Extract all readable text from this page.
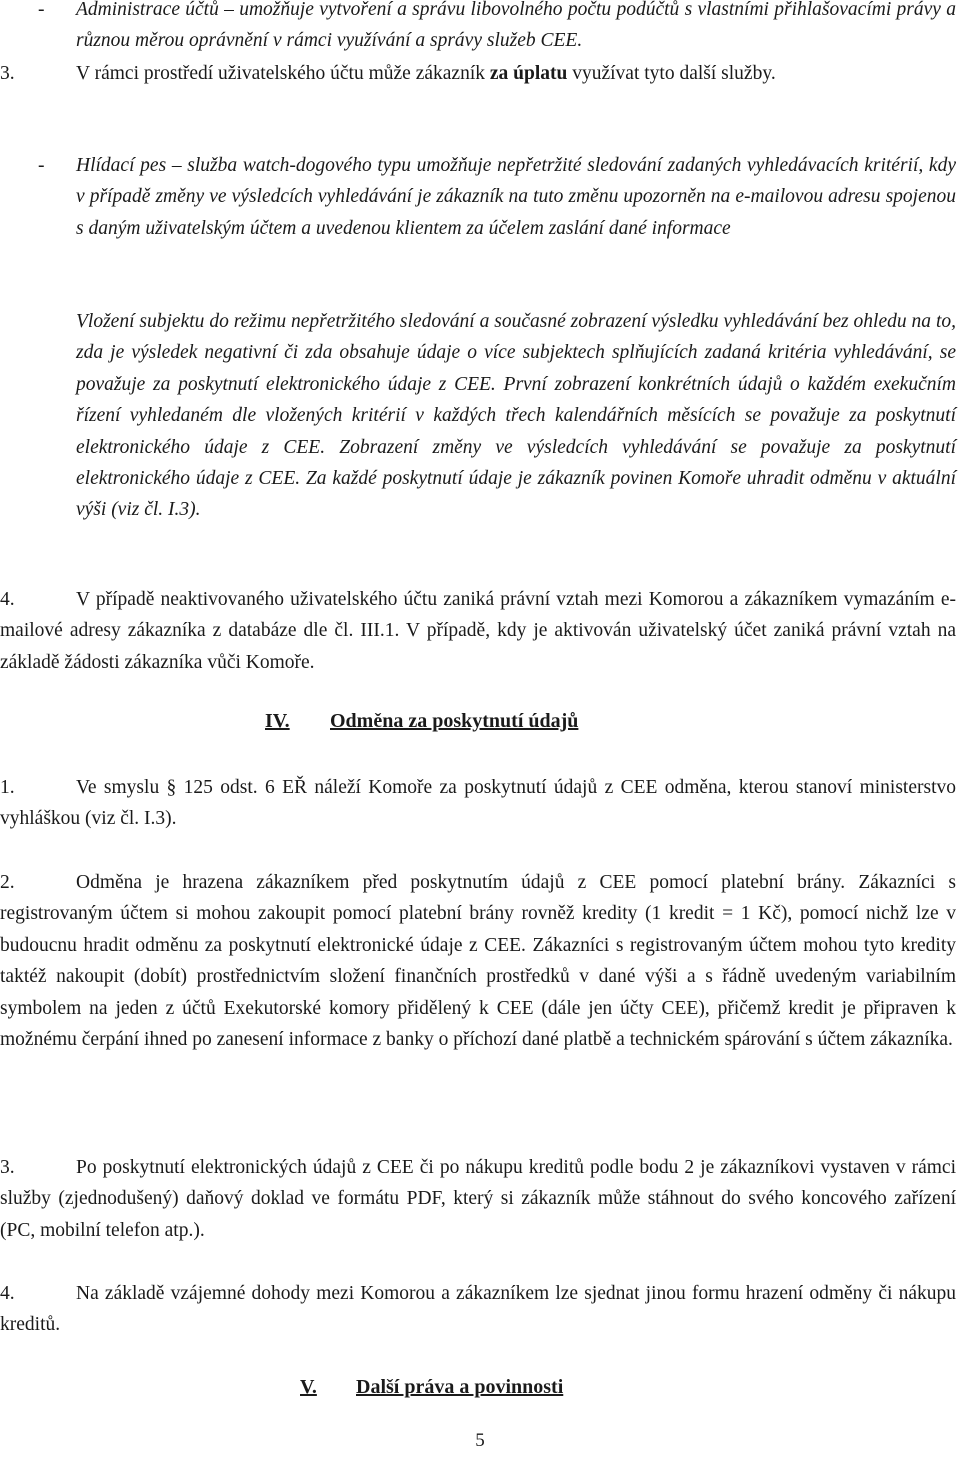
- Administrace účtů – umožňuje vytvoření a správu libovolného počtu podúčtů s vlastními přihlašovacími právy a různou měrou oprávnění v rámci využívání a správy služeb CEE.
3.	V rámci prostředí uživatelského účtu může zákazník za úplatu využívat tyto další služby.
- Hlídací pes – služba watch-dogového typu umožňuje nepřetržité sledování zadaných vyhledávacích kritérií, kdy v případě změny ve výsledcích vyhledávání je zákazník na tuto změnu upozorněn na e-mailovou adresu spojenou s daným uživatelským účtem a uvedenou klientem za účelem zaslání dané informace
Vložení subjektu do režimu nepřetržitého sledování a současné zobrazení výsledku vyhledávání bez ohledu na to, zda je výsledek negativní či zda obsahuje údaje o více subjektech splňujících zadaná kritéria vyhledávání, se považuje za poskytnutí elektronického údaje z CEE. První zobrazení konkrétních údajů o každém exekučním řízení vyhledaném dle vložených kritérií v každých třech kalendářních měsících se považuje za poskytnutí elektronického údaje z CEE. Zobrazení změny ve výsledcích vyhledávání se považuje za poskytnutí elektronického údaje z CEE. Za každé poskytnutí údaje je zákazník povinen Komoře uhradit odměnu v aktuální výši (viz čl. I.3).
4.	V případě neaktivovaného uživatelského účtu zaniká právní vztah mezi Komorou a zákazníkem vymazáním e-mailové adresy zákazníka z databáze dle čl. III.1. V případě, kdy je aktivován uživatelský účet zaniká právní vztah na základě žádosti zákazníka vůči Komoře.
IV. Odměna za poskytnutí údajů
1.	Ve smyslu § 125 odst. 6 EŘ náleží Komoře za poskytnutí údajů z CEE odměna, kterou stanoví ministerstvo vyhláškou (viz čl. I.3).
2.	Odměna je hrazena zákazníkem před poskytnutím údajů z CEE pomocí platební brány. Zákazníci s registrovaným účtem si mohou zakoupit pomocí platební brány rovněž kredity (1 kredit = 1 Kč), pomocí nichž lze v budoucnu hradit odměnu za poskytnutí elektronické údaje z CEE. Zákazníci s registrovaným účtem mohou tyto kredity taktéž nakoupit (dobít) prostřednictvím složení finančních prostředků v dané výši a s řádně uvedeným variabilním symbolem na jeden z účtů Exekutorské komory přidělený k CEE (dále jen účty CEE), přičemž kredit je připraven k možnému čerpání ihned po zanesení informace z banky o příchozí dané platbě a technickém spárování s účtem zákazníka.
3.	Po poskytnutí elektronických údajů z CEE či po nákupu kreditů podle bodu 2 je zákazníkovi vystaven v rámci služby (zjednodušený) daňový doklad ve formátu PDF, který si zákazník může stáhnout do svého koncového zařízení (PC, mobilní telefon atp.).
4.	Na základě vzájemné dohody mezi Komorou a zákazníkem lze sjednat jinou formu hrazení odměny či nákupu kreditů.
V. Další práva a povinnosti
5
